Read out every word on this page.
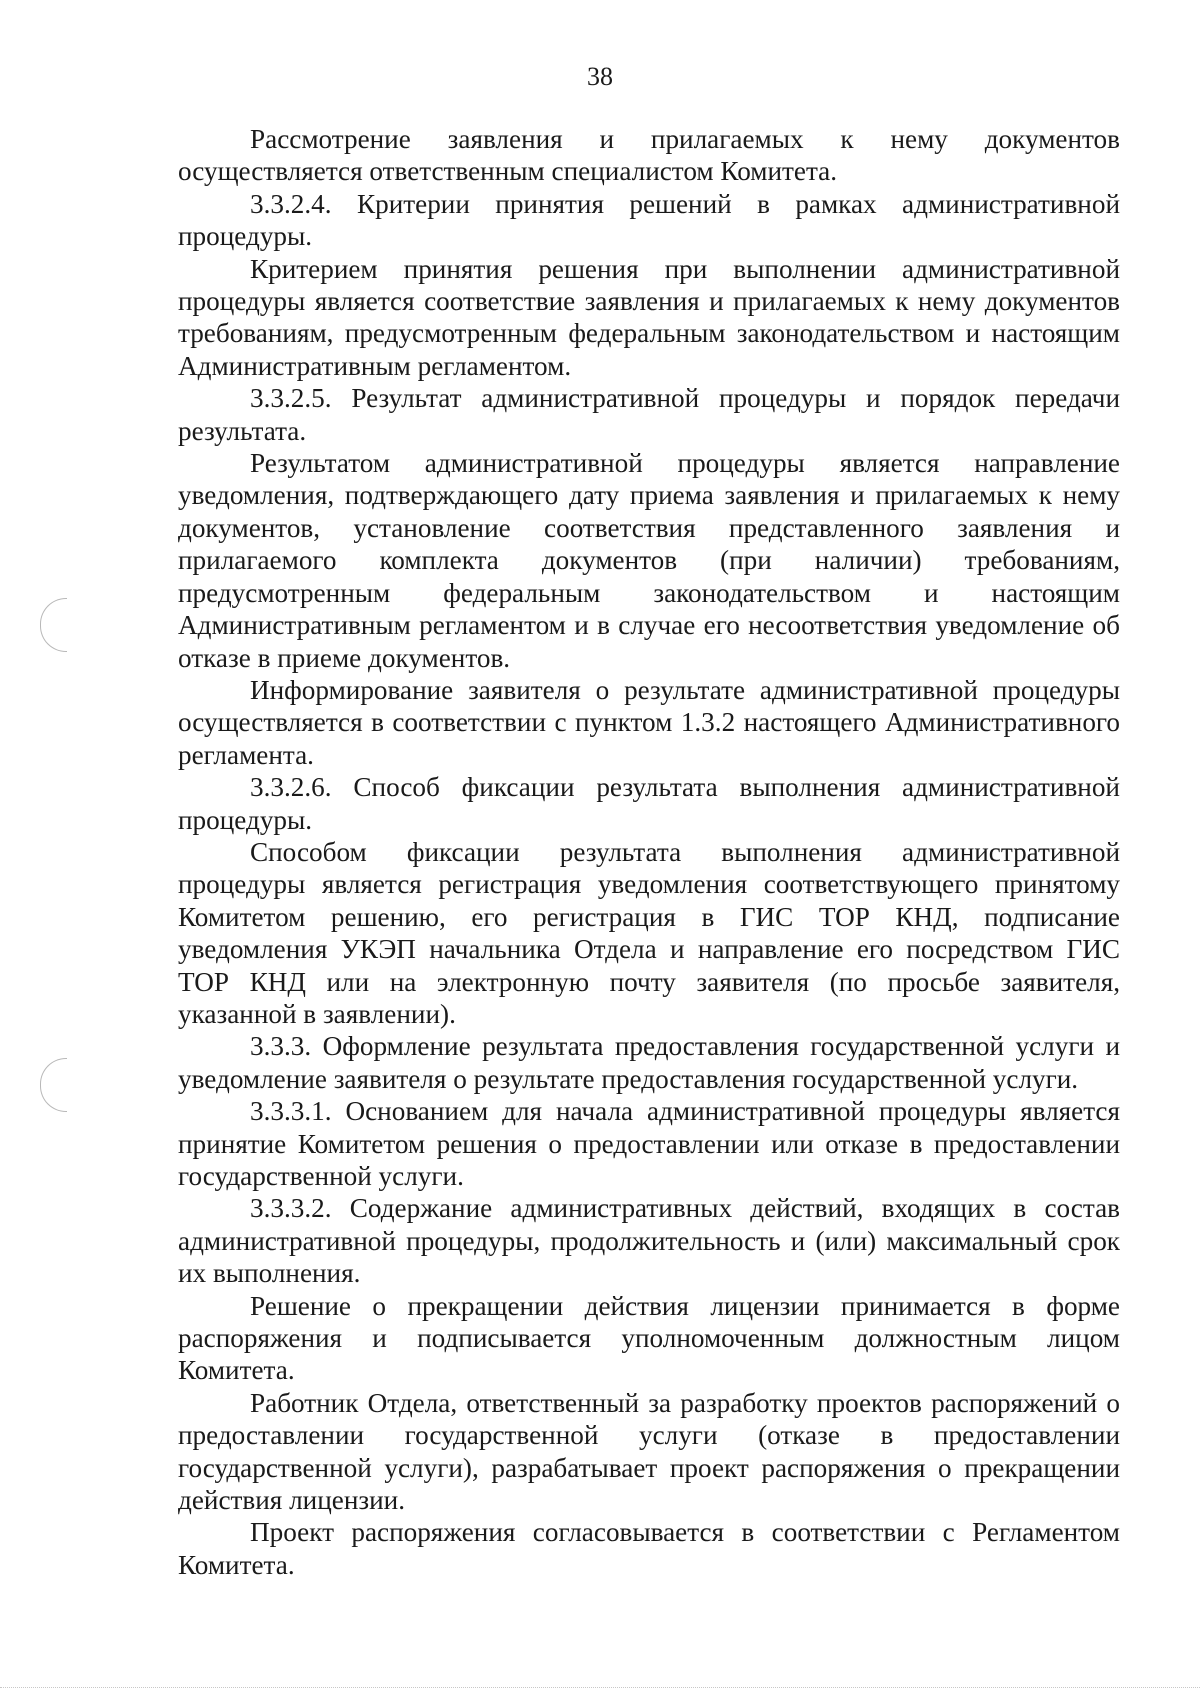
38

Рассмотрение заявления и прилагаемых к нему документов осуществляется ответственным специалистом Комитета.

3.3.2.4. Критерии принятия решений в рамках административной процедуры.

Критерием принятия решения при выполнении административной процедуры является соответствие заявления и прилагаемых к нему документов требованиям, предусмотренным федеральным законодательством и настоящим Административным регламентом.

3.3.2.5. Результат административной процедуры и порядок передачи результата.

Результатом административной процедуры является направление уведомления, подтверждающего дату приема заявления и прилагаемых к нему документов, установление соответствия представленного заявления и прилагаемого комплекта документов (при наличии) требованиям, предусмотренным федеральным законодательством и настоящим Административным регламентом и в случае его несоответствия уведомление об отказе в приеме документов.

Информирование заявителя о результате административной процедуры осуществляется в соответствии с пунктом 1.3.2 настоящего Административного регламента.

3.3.2.6. Способ фиксации результата выполнения административной процедуры.

Способом фиксации результата выполнения административной процедуры является регистрация уведомления соответствующего принятому Комитетом решению, его регистрация в ГИС ТОР КНД, подписание уведомления УКЭП начальника Отдела и направление его посредством ГИС ТОР КНД или на электронную почту заявителя (по просьбе заявителя, указанной в заявлении).

3.3.3. Оформление результата предоставления государственной услуги и уведомление заявителя о результате предоставления государственной услуги.

3.3.3.1. Основанием для начала административной процедуры является принятие Комитетом решения о предоставлении или отказе в предоставлении государственной услуги.

3.3.3.2. Содержание административных действий, входящих в состав административной процедуры, продолжительность и (или) максимальный срок их выполнения.

Решение о прекращении действия лицензии принимается в форме распоряжения и подписывается уполномоченным должностным лицом Комитета.

Работник Отдела, ответственный за разработку проектов распоряжений о предоставлении государственной услуги (отказе в предоставлении государственной услуги), разрабатывает проект распоряжения о прекращении действия лицензии.

Проект распоряжения согласовывается в соответствии с Регламентом Комитета.
